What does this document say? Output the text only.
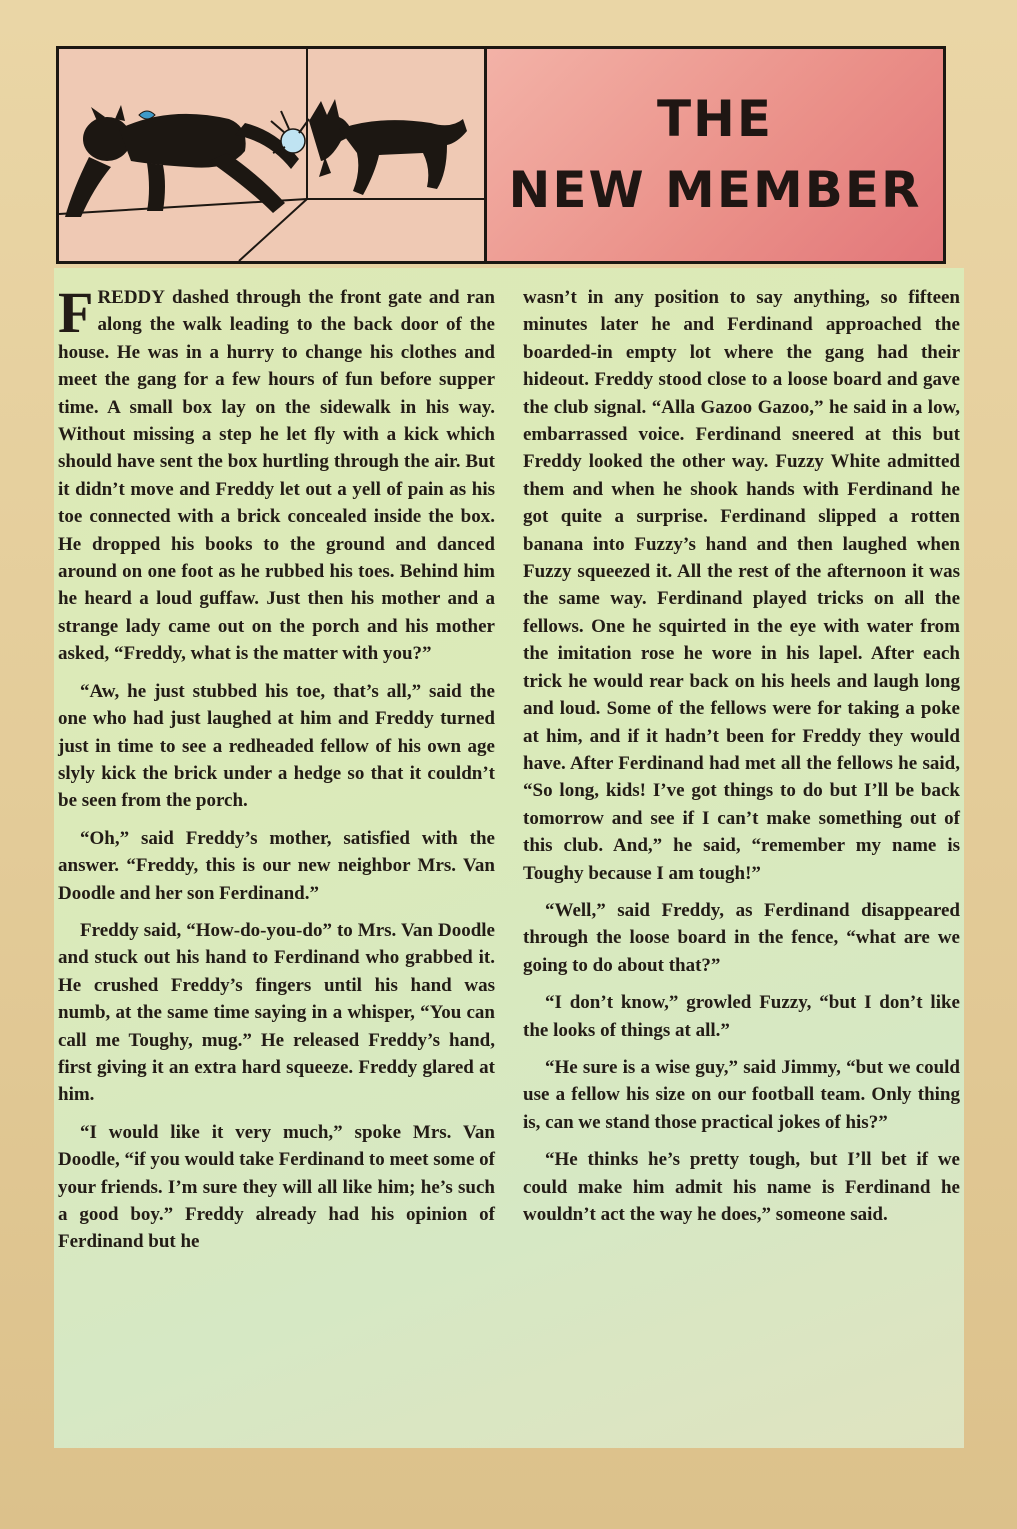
THE
NEW MEMBER

FREDDY dashed through the front gate and ran along the walk leading to the back door of the house. He was in a hurry to change his clothes and meet the gang for a few hours of fun before supper time. A small box lay on the sidewalk in his way. Without missing a step he let fly with a kick which should have sent the box hurtling through the air. But it didn’t move and Freddy let out a yell of pain as his toe connected with a brick concealed inside the box. He dropped his books to the ground and danced around on one foot as he rubbed his toes. Behind him he heard a loud guffaw. Just then his mother and a strange lady came out on the porch and his mother asked, “Freddy, what is the matter with you?”

“Aw, he just stubbed his toe, that’s all,” said the one who had just laughed at him and Freddy turned just in time to see a redheaded fellow of his own age slyly kick the brick under a hedge so that it couldn’t be seen from the porch.

“Oh,” said Freddy’s mother, satisfied with the answer. “Freddy, this is our new neighbor Mrs. Van Doodle and her son Ferdinand.”

Freddy said, “How-do-you-do” to Mrs. Van Doodle and stuck out his hand to Ferdinand who grabbed it. He crushed Freddy’s fingers until his hand was numb, at the same time saying in a whisper, “You can call me Toughy, mug.” He released Freddy’s hand, first giving it an extra hard squeeze. Freddy glared at him.

“I would like it very much,” spoke Mrs. Van Doodle, “if you would take Ferdinand to meet some of your friends. I’m sure they will all like him; he’s such a good boy.” Freddy already had his opinion of Ferdinand but he

wasn’t in any position to say anything, so fifteen minutes later he and Ferdinand approached the boarded-in empty lot where the gang had their hideout. Freddy stood close to a loose board and gave the club signal. “Alla Gazoo Gazoo,” he said in a low, embarrassed voice. Ferdinand sneered at this but Freddy looked the other way. Fuzzy White admitted them and when he shook hands with Ferdinand he got quite a surprise. Ferdinand slipped a rotten banana into Fuzzy’s hand and then laughed when Fuzzy squeezed it. All the rest of the afternoon it was the same way. Ferdinand played tricks on all the fellows. One he squirted in the eye with water from the imitation rose he wore in his lapel. After each trick he would rear back on his heels and laugh long and loud. Some of the fellows were for taking a poke at him, and if it hadn’t been for Freddy they would have. After Ferdinand had met all the fellows he said, “So long, kids! I’ve got things to do but I’ll be back tomorrow and see if I can’t make something out of this club. And,” he said, “remember my name is Toughy because I am tough!”

“Well,” said Freddy, as Ferdinand disappeared through the loose board in the fence, “what are we going to do about that?”

“I don’t know,” growled Fuzzy, “but I don’t like the looks of things at all.”

“He sure is a wise guy,” said Jimmy, “but we could use a fellow his size on our football team. Only thing is, can we stand those practical jokes of his?”

“He thinks he’s pretty tough, but I’ll bet if we could make him admit his name is Ferdinand he wouldn’t act the way he does,” someone said.
